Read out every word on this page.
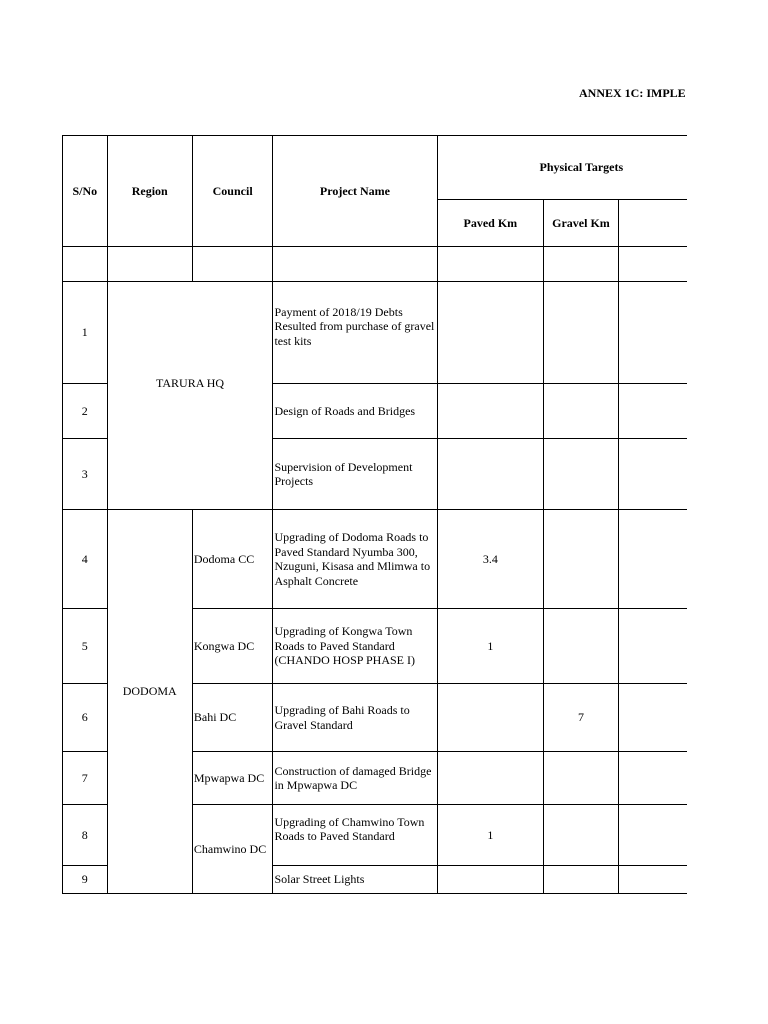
ANNEX 1C: IMPLE
S/No	Region	Council	Project Name	Physical Targets		
				Paved Km	Gravel Km	

1	TARURA HQ		Payment of 2018/19 Debts Resulted from purchase of gravel test kits			
2			Design of Roads and Bridges			
3			Supervision of Development Projects			
4	DODOMA	Dodoma CC	Upgrading of Dodoma Roads to Paved Standard Nyumba 300, Nzuguni, Kisasa and Mlimwa to Asphalt Concrete	3.4		
5		Kongwa DC	Upgrading of Kongwa Town Roads to Paved Standard (CHANDO HOSP PHASE I)	1		
6		Bahi DC	Upgrading of Bahi Roads to Gravel Standard		7	
7		Mpwapwa DC	Construction of damaged Bridge in Mpwapwa DC			
8		Chamwino DC	Upgrading of Chamwino Town Roads to Paved Standard	1		
9			Solar Street Lights			
